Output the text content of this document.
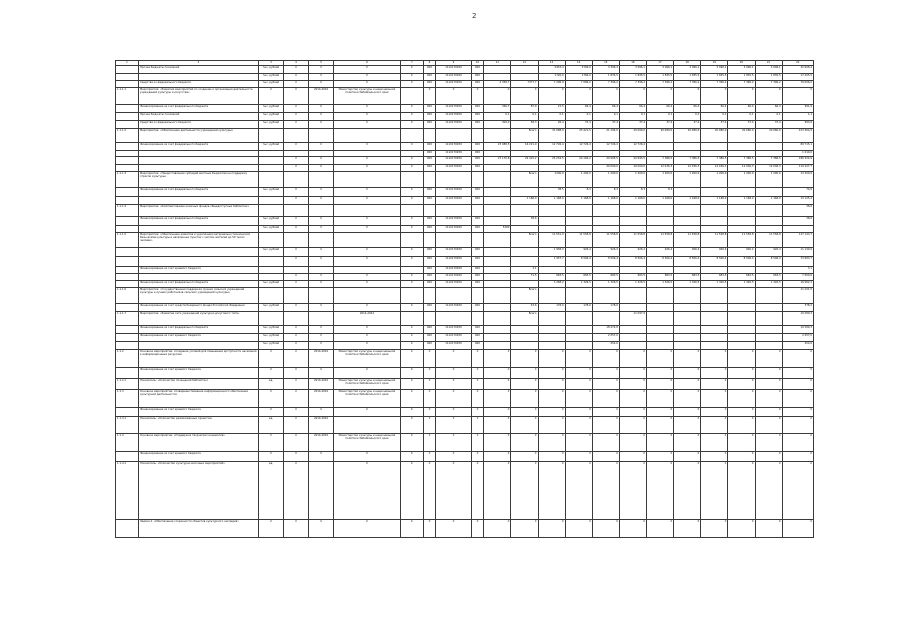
2
1	2	3	4	5	6	7	8	9	10	11	12	13	14	15	16	17	18	19	20	21	22
	Прочие бюджеты поселений	тыс. рублей	X	X	X	X	000	1110170930	000			2453,4	3706,9	3 396,4	3 096,1	3 096,1	3 096,1	3 096,1	3 096,1	3 096,1	32 908,4
		тыс. рублей	X	X	X	X	000	1110170930	000			1720,0	1766,0	1 835,5	1 835,5	1 835,5	1 835,5	1 835,5	1 835,5	1 835,5	17 205,5
	Средства из федерального бюджета	тыс. рублей	X	X	X	X	000	1110170930	000	4 358,7	7377,7	7 296,9	7 086,2	7 396,2	7 396,2	7 396,2	7 396,2	7 396,2	7 396,2	7 396,2	76 006,0
1.1.1.1	Мероприятие: «Развитие мероприятий по созданию и организации деятельности учреждений культуры и искусства»	X	X	2014-2024	Министерство культуры и национальной политики Забайкальского края		X	X	X	X	X	X	X	X	X	X	X	X	X	X	X
	Финансирование за счет федерального бюджета	тыс. рублей	X	X	X	X	000	1110170930	000	346,7	87,0	15,5	66,4	66,4	66,4	66,4	66,4	66,4	66,4	66,4	991,9
	Прочие бюджеты поселений	тыс. рублей	X	X	X	X	000	1110170930	000	0,1	0,1	0,1	0,1	0,1	0,1	0,1	0,1	0,1	0,1	0,1	1,1
	Средства из федерального бюджета	тыс. рублей	X	X	X	X	000	1110170930	000	309,0	58,3	26,4	37,4	37,4	37,4	37,4	37,4	37,4	37,4	37,4	693,6
1.1.1.2	Мероприятие: «Обеспечение деятельности учреждений культуры»										Всего	31 088,9	25 421,5	21 194,0	20 080,0	20 080,0	20 080,0	20 080,0	20 080,0	20 080,0	223 564,5
	Финансирование за счет федерального бюджета	тыс. рублей	X	X	X	X	000	1110170930	000	23 088,5	16 221,0	12 726,4	12 726,4	12 726,4	12 726,4						89 715,1
							000	1110170930	000												1 010,6
			X	X	X	X	000	1110170930	000	27 170,8	29 415,2	25 254,5	24 184,2	20 995,5	20 995,5	7 386,5	7 386,5	7 386,5	7 386,5	7 386,5	186 524,9
			X	X	X	X	000	1110170930	000					20 000,0	20 000,0	12 036,3	12 036,3	12 036,3	12 036,3	12 036,3	119 227,7
1.1.1.3	Мероприятие: «Предоставление субсидий местным бюджетам на поддержку отрасли культуры»										Всего	1200,0	1 200,0	1 200,0	1 200,0	1 200,0	1 200,0	1 200,0	1 200,0	1 200,0	13 200,0
	Финансирование за счет федерального бюджета	тыс. рублей	X	X	X	X	000	1110170930	000			38,5	8,3	8,3	8,3	8,3					74,6
			X	X	X	X	000	1110170930	000		1 168,0	1 168,0	1 168,0	1 168,0	1 168,0	1 168,0	1 168,0	1 168,0	1 168,0	1 168,0	13 125,4
1.1.1.4	Мероприятие: «Комплектование книжных фондов общедоступных библиотек»																				38,6
	Финансирование за счет федерального бюджета	тыс. рублей	X	X	X	X	000	1110170930	000		38,6										38,6
		тыс. рублей	X	X	X	X	000	1110170930	000	5360											
1.1.1.5	Мероприятие: «Обеспечение развития и укрепления материально-технической базы домов культуры в населенных пунктах с числом жителей до 50 тысяч человек»										Всего	11 551,0	11 558,8	11 558,8	11 558,8	11 558,8	11 558,8	11 558,8	11 558,8	11 558,8	127 143,7
		тыс. рублей	X	X	X	X	000	1110170930	000			1 958,0	926,4	926,4	926,4	926,4	926,4	926,4	926,4	926,4	11 140,9
			X	X	X	X	000	1110170930	000			1 957,7	8 506,4	8 506,4	8 506,4	8 506,4	8 506,4	8 506,4	8 506,4	8 506,4	73 983,7
	Финансирование за счет краевого бюджета						000	1110170930	000		3,1										3,1
			X	X	X	X	000	1110170930	000		71,5	683,5	683,5	683,5	683,5	683,5	683,5	683,5	683,5	683,5	7 000,6
	Финансирование за счет федерального бюджета	тыс. рублей	X	X	X	X	000	1110170930	000			3 268,2	1 326,5	1 326,5	1 326,5	1 326,5	1 326,5	1 326,5	1 326,5	1 326,5	16 962,3
1.1.1.6	Мероприятие: «Государственная поддержка лучших сельских учреждений культуры и лучших работников сельских учреждений культуры»										Всего										11 221,5
	Финансирование за счет средств Резервного фонда Российской Федерации	тыс. рублей	X	X	X	X	000	1110170930	000		43,6	178,0	178,0	178,0							378,2
1.1.1.7	Мероприятие: «Развитие сети учреждений культурно-досугового типа»				2014-2024						Всего				11 097,9						19 289,3
	Финансирование за счет федерального бюджета	тыс. рублей	X	X	X	X	000	1110170930	000					18 474,8							19 289,3
	Финансирование за счет краевого бюджета	тыс. рублей	X	X	X	X	000	1110170930	000					2 057,0							2 057,0
		тыс. рублей	X	X	X	X	000	1110170930	000					454,6							454,6
1.1.2	Основное мероприятие: «Создание условий для повышения доступности населения к информационным ресурсам»	X	X	2014-2024	Министерство культуры и национальной политики Забайкальского края	X	X	X	X	X	X	X	X	X	X	X	X	X	X	X	X
	Финансирование за счет краевого бюджета	X	X	X	X	X	X	X	X	X	X	X	X	X	X	X	X	X	X	X	X
1.1.2.1	Показатель: «Количество посещений библиотек»	ед.	X	2014-2024	Министерство культуры и национальной политики Забайкальского края	X	X	X	X	X	X	X	X	X	X	X	X	X	X	X	X
1.1.3	Основное мероприятие: «Совершенствование информационного обеспечения культурной деятельности»	X	X	2014-2024	Министерство культуры и национальной политики Забайкальского края	X	X	X	X	X	X	X	X	X	X	X	X	X	X	X	X
	Финансирование за счет краевого бюджета	X	X	X	X	X	X	X	X	X	X	X	X	X	X	X	X	X	X	X	X
1.1.3.1	Показатель: «Количество реализованных проектов»	ед.	X	2014-2024		X	X	X	X	X	X	X	X	X	X	X	X	X	X	X	X
1.1.4	Основное мероприятие: «Поддержка творческих инициатив»	X	X	2014-2024	Министерство культуры и национальной политики Забайкальского края	X	X	X	X	X	X	X	X	X	X	X	X	X	X	X	X
	Финансирование за счет краевого бюджета	X	X	X	X	X	X	X	X	X	X	X	X	X	X	X	X	X	X	X	X
1.1.4.1	Показатель: «Количество культурно-массовых мероприятий»	ед.	X		X	X	X	X	X	X	X	X	X	X	X	X	X	X	X	X	X
	Задача 2. «Обеспечение сохранности объектов культурного наследия»	X	X	X	X	X	X	X	X	X	X	X	X	X	X	X	X	X	X	X	X
